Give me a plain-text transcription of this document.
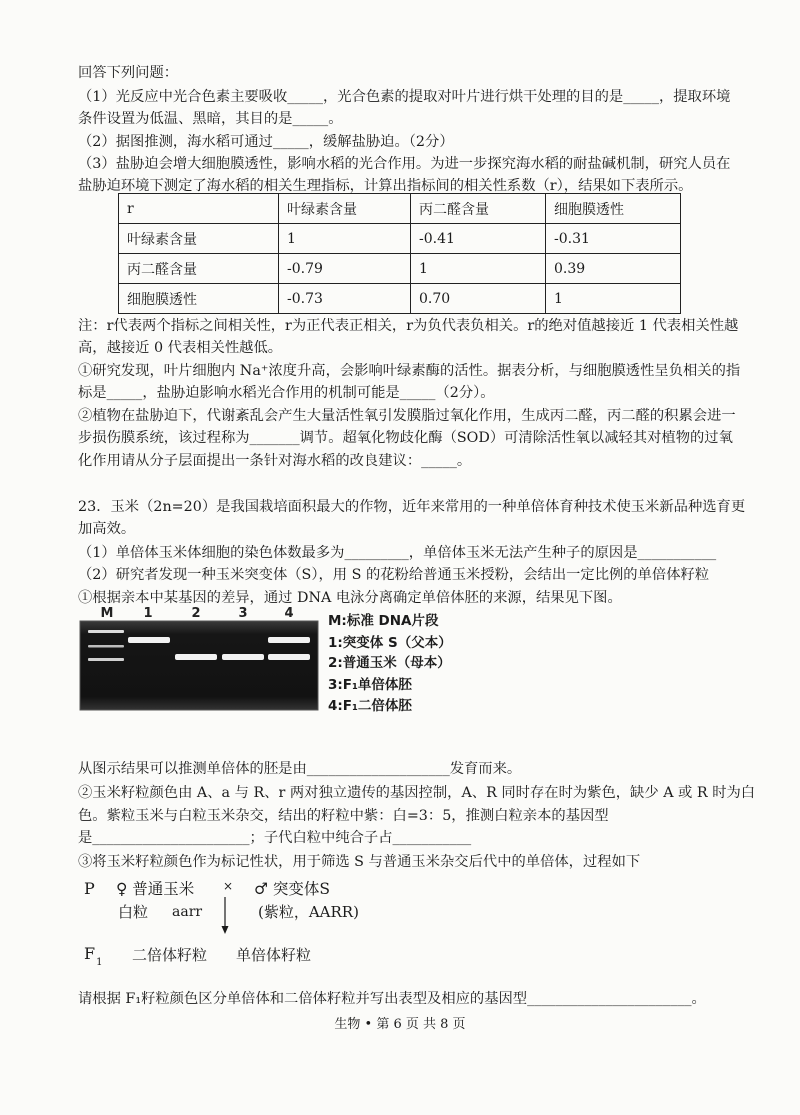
回答下列问题：
（1）光反应中光合色素主要吸收_____，光合色素的提取对叶片进行烘干处理的目的是_____，提取环境
条件设置为低温、黑暗，其目的是_____。
（2）据图推测，海水稻可通过_____，缓解盐胁迫。（2分）
（3）盐胁迫会增大细胞膜透性，影响水稻的光合作用。为进一步探究海水稻的耐盐碱机制，研究人员在
盐胁迫环境下测定了海水稻的相关生理指标，计算出指标间的相关性系数（r），结果如下表所示。
r	叶绿素含量	丙二醛含量	细胞膜透性
叶绿素含量	1	-0.41	-0.31
丙二醛含量	-0.79	1	0.39
细胞膜透性	-0.73	0.70	1
注：r代表两个指标之间相关性，r为正代表正相关，r为负代表负相关。r的绝对值越接近 1 代表相关性越
高，越接近 0 代表相关性越低。
①研究发现，叶片细胞内 Na⁺浓度升高，会影响叶绿素酶的活性。据表分析，与细胞膜透性呈负相关的指
标是_____，盐胁迫影响水稻光合作用的机制可能是_____（2分）。
②植物在盐胁迫下，代谢紊乱会产生大量活性氧引发膜脂过氧化作用，生成丙二醛，丙二醛的积累会进一
步损伤膜系统，该过程称为_______调节。超氧化物歧化酶（SOD）可清除活性氧以减轻其对植物的过氧
化作用请从分子层面提出一条针对海水稻的改良建议：_____。
23．玉米（2n=20）是我国栽培面积最大的作物，近年来常用的一种单倍体育种技术使玉米新品种选育更
加高效。
（1）单倍体玉米体细胞的染色体数最多为_________，单倍体玉米无法产生种子的原因是___________
（2）研究者发现一种玉米突变体（S），用 S 的花粉给普通玉米授粉，会结出一定比例的单倍体籽粒
①根据亲本中某基因的差异，通过 DNA 电泳分离确定单倍体胚的来源，结果见下图。
M 1	2	3	4	M:标准 DNA片段
1:突变体 S（父本）
2:普通玉米（母本）
3:F₁单倍体胚
4:F₁二倍体胚
从图示结果可以推测单倍体的胚是由____________________发育而来。
②玉米籽粒颜色由 A、a 与 R、r 两对独立遗传的基因控制，A、R 同时存在时为紫色，缺少 A 或 R 时为白
色。紫粒玉米与白粒玉米杂交，结出的籽粒中紫：白=3：5，推测白粒亲本的基因型
是______________________；子代白粒中纯合子占___________
③将玉米籽粒颜色作为标记性状，用于筛选 S 与普通玉米杂交后代中的单倍体，过程如下
P ♀ 普通玉米 × ♂ 突变体S
白粒 aarr	(紫粒，AARR)
$F_1$ 二倍体籽粒 单倍体籽粒
请根据 F₁籽粒颜色区分单倍体和二倍体籽粒并写出表型及相应的基因型_______________________。
生物 • 第 6 页 共 8 页
